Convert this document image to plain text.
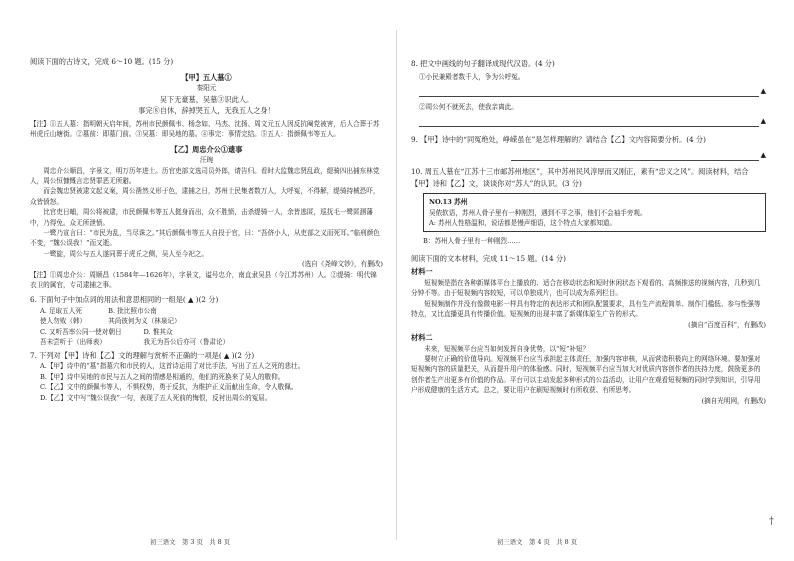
阅读下面的古诗文，完成 6～10 题。(15 分)

【甲】五人墓①

秦阳元

吴下无豪墓，吴墓③识此人。

事完⑧自休，辞掉哭五人，无我五人之身！

【注】①五人墓：指明朝天启年间，苏州市民颜佩韦、杨念如、马杰、沈扬、周文元五人因反抗阉党被害，后人合葬于苏州虎丘山塘街。②墓前：即墓门前。③吴墓：即吴地的墓。④事完：事情完结。⑤五人：指颜佩韦等五人。

【乙】周忠介公①遗事

汪琬

周忠介公顺昌，字景文，明万历年进士。历官吏部文选司员外郎，请告归。看时大监魏忠贤乱政，缇骑四出捕东林党人，周公恒慷慨言忠贤罪恶无所避。

而会魏忠贤被逮文起义案，周公凿然义形于色，逮捕之日，苏州士民集者数万人，大呼冤，不得解，缇骑持械恐吓，众皆愤怒。

比官吏日晡，周公将被逮，市民颜佩韦等五人挺身而出，众不胜愤，击杀缇骑一人，余皆逃匿，巡抚毛一鹭匿溷藩中，乃得免。众无所泄愤。

一鹭乃宣言曰：“市民为乱，当尽诛之。”其后颜佩韦等五人自投于官，曰：“吾侪小人，从吏部之义而死耳。”临刑颜色不变，“魏公误我！”而又逝。

一鹭旋，周公与五人遂同葬于虎丘之侧，吴人至今祀之。

(选自《尧峰文钞》，有删改)

【注】①周忠介公：周顺昌（1584年—1626年），字景文，谥号忠介，南直隶吴县（今江苏苏州）人。②缇骑：明代锦衣卫的属官，专司逮捕之事。

6. 下面句子中加点词的用法和意思相同的一组是( ▲ )(2 分)

A. 足取五人死
使人勿败（韩）
B. 批比照市公南
其尚彼何为义（林泉记）
C. 又听吾率公同一使对朝日
吾未尝听于（出师表）
D. 惟其众
我无为吾公后亦可（鲁肃论）

7. 下列对【甲】诗和【乙】文的理解与赏析不正确的一项是( ▲ )(2 分)

A.【甲】诗中的“墓”指墓穴和市民的人，这首诗运用了对比手法，写出了五人之死的悲壮。

B.【甲】诗中吴地的市民与五人之间的情感是相通的，他们的死换来了吴人的敬仰。

C.【乙】文中的颜佩韦等人，不惧权势，勇于反抗，为维护正义而献出生命，令人敬佩。

D.【乙】文中写“魏公误我”一句，表现了五人死前的悔恨，反衬出周公的冤屈。

初三语文　第 3 页　共 8 页

8. 把文中画线的句子翻译成现代汉语。(4 分)

①小民兼殿者数千人，争为公呼冤。

▲

②周公何不就死去，使我亲离此。

▲

9. 【甲】诗中的“同冤绝处，峥嵘虽在”是怎样理解的？请结合【乙】文内容简要分析。(4 分)

▲

10. 周五人墓在“江苏十三市邮苏州地区”，其中苏州民风淳厚而又刚正，素有“忠义之风”。阅读材料，结合【甲】诗和【乙】文，谈谈你对“苏人”的认识。(3 分)

NO.13 苏州

吴侬软语，苏州人骨子里有一种刚烈，遇到不平之事，他们不会袖手旁观。

A: 苏州人性格温和，说话都是慢声细语，这个特点大家都知道。

B：苏州人骨子里有一种刚烈……

阅读下面的文本材料，完成 11～15 题。(14 分)

材料一

短视频是指在各种新媒体平台上播放的、适合在移动状态和短时休闲状态下观看的、高频推送的视频内容，几秒到几分钟不等。由于短视频内容较短，可以单独成片，也可以成为系列栏目。

短视频制作并没有像微电影一样具有特定的表达形式和团队配置要求，具有生产流程简单、制作门槛低、参与性强等特点，又比直播更具有传播价值。短视频的出现丰富了新媒体原生广告的形式。

(摘自“百度百科”，有删改)

材料二

未来，短视频平台应当如何发挥自身优势，以“短”补短？

要树立正确的价值导向。短视频平台应当承担起主体责任，加强内容审核，从而营造积极向上的网络环境。要加强对短视频内容的质量把关，从而提升用户的体验感。同时，短视频平台应当加大对优质内容创作者的扶持力度，鼓励更多的创作者生产出更多有价值的作品。平台可以主动发起多种形式的公益活动，让用户在观看短视频的同时学到知识，引导用户形成健康的生活方式。总之，要让用户在刷短视频时有所收获、有所思考。

(摘自光明网，有删改)

初三语文　第 4 页　共 8 页
†
